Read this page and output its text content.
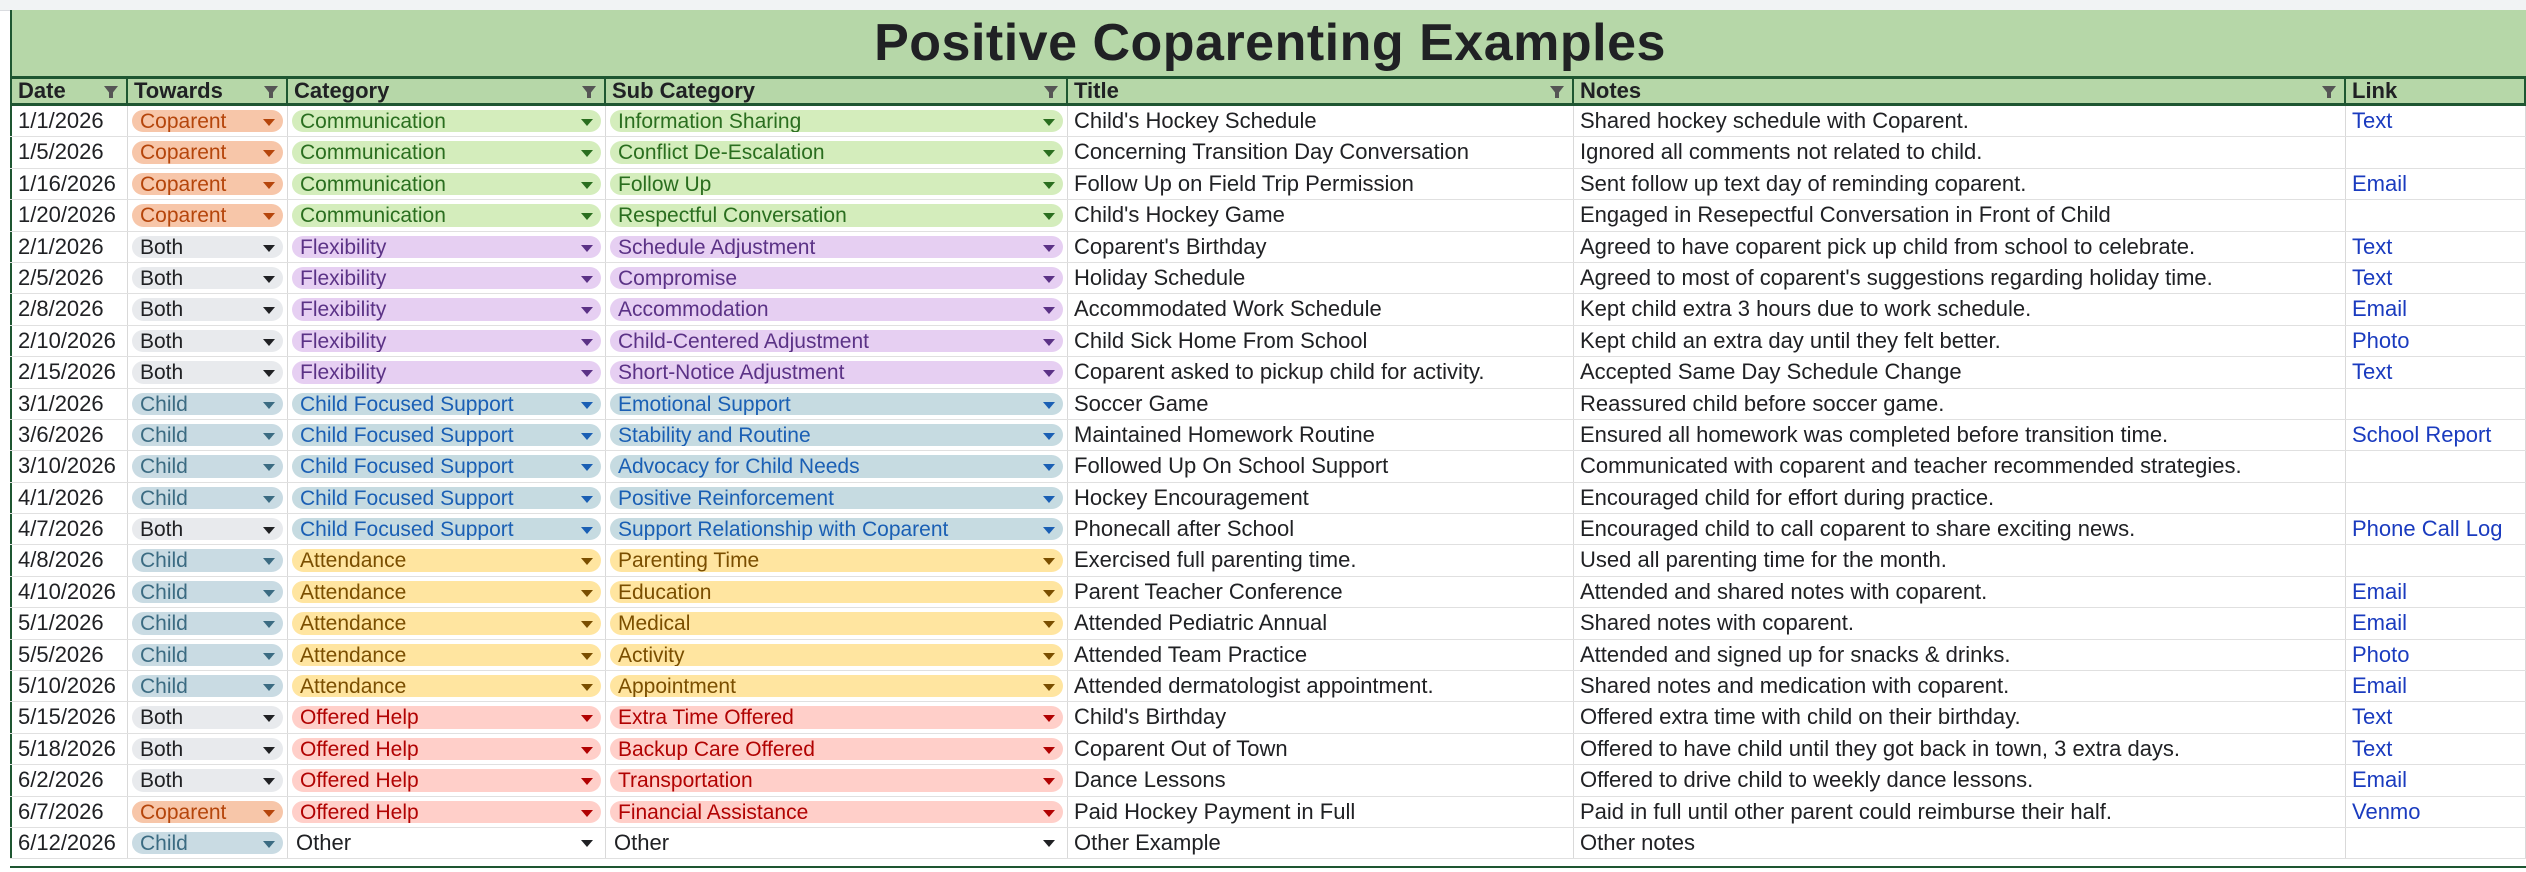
Positive Coparenting Examples
Date	Towards	Category	Sub Category	Title	Notes	Link
1/1/2026	Coparent	Communication	Information Sharing	Child's Hockey Schedule	Shared hockey schedule with Coparent.	Text
1/5/2026	Coparent	Communication	Conflict De-Escalation	Concerning Transition Day Conversation	Ignored all comments not related to child.
1/16/2026	Coparent	Communication	Follow Up	Follow Up on Field Trip Permission	Sent follow up text day of reminding coparent.	Email
1/20/2026	Coparent	Communication	Respectful Conversation	Child's Hockey Game	Engaged in Resepectful Conversation in Front of Child
2/1/2026	Both	Flexibility	Schedule Adjustment	Coparent's Birthday	Agreed to have coparent pick up child from school to celebrate.	Text
2/5/2026	Both	Flexibility	Compromise	Holiday Schedule	Agreed to most of coparent's suggestions regarding holiday time.	Text
2/8/2026	Both	Flexibility	Accommodation	Accommodated Work Schedule	Kept child extra 3 hours due to work schedule.	Email
2/10/2026	Both	Flexibility	Child-Centered Adjustment	Child Sick Home From School	Kept child an extra day until they felt better.	Photo
2/15/2026	Both	Flexibility	Short-Notice Adjustment	Coparent asked to pickup child for activity.	Accepted Same Day Schedule Change	Text
3/1/2026	Child	Child Focused Support	Emotional Support	Soccer Game	Reassured child before soccer game.
3/6/2026	Child	Child Focused Support	Stability and Routine	Maintained Homework Routine	Ensured all homework was completed before transition time.	School Report
3/10/2026	Child	Child Focused Support	Advocacy for Child Needs	Followed Up On School Support	Communicated with coparent and teacher recommended strategies.
4/1/2026	Child	Child Focused Support	Positive Reinforcement	Hockey Encouragement	Encouraged child for effort during practice.
4/7/2026	Both	Child Focused Support	Support Relationship with Coparent	Phonecall after School	Encouraged child to call coparent to share exciting news.	Phone Call Log
4/8/2026	Child	Attendance	Parenting Time	Exercised full parenting time.	Used all parenting time for the month.
4/10/2026	Child	Attendance	Education	Parent Teacher Conference	Attended and shared notes with coparent.	Email
5/1/2026	Child	Attendance	Medical	Attended Pediatric Annual	Shared notes with coparent.	Email
5/5/2026	Child	Attendance	Activity	Attended Team Practice	Attended and signed up for snacks & drinks.	Photo
5/10/2026	Child	Attendance	Appointment	Attended dermatologist appointment.	Shared notes and medication with coparent.	Email
5/15/2026	Both	Offered Help	Extra Time Offered	Child's Birthday	Offered extra time with child on their birthday.	Text
5/18/2026	Both	Offered Help	Backup Care Offered	Coparent Out of Town	Offered to have child until they got back in town, 3 extra days.	Text
6/2/2026	Both	Offered Help	Transportation	Dance Lessons	Offered to drive child to weekly dance lessons.	Email
6/7/2026	Coparent	Offered Help	Financial Assistance	Paid Hockey Payment in Full	Paid in full until other parent could reimburse their half.	Venmo
6/12/2026	Child	Other	Other	Other Example	Other notes
